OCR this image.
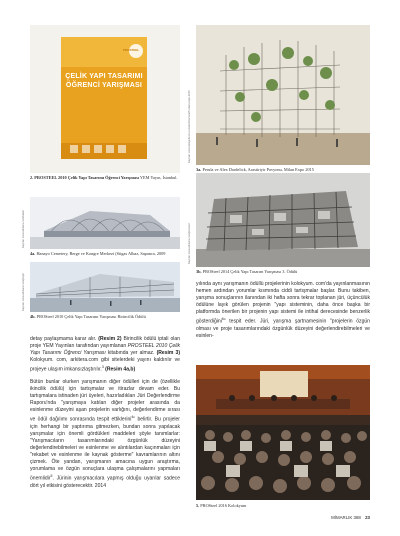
ÇELİK YAPI TASARIMI
ÖĞRENCİ YARIŞMASI
PROSTEEL
2. PROSTEEL 2010 Çelik Yapı Tasarımı Öğrenci Yarışması YEM Yayın, İstanbul.
Kaynak: www.designboom.com/architecture/5-milan-expo-2015
3a. Perula ve Alex Dardelick, Arastiriyir Pavyonu, Milan Expo 2015
Kaynak: www.arkitera.com/prosteel
3b. PROSteel 2014 Çelik Yapı Tasarım Yarışması 3. Ödülü
Kaynak: www.arkitera.com/haber
4a. Hanayo Cemetery, Berge ve Kongre Merkezi (Stigas Albaz, Sapanca, 2009
Kaynak: www.arkitera.com/proje/
4b. PROSteel 2010 Çelik Yapı Tasarımı Yarışması Birincilik Ödülü

detay paylaşmama karar alır. (Resim 2) Birincilik ödülü iptali olan proje YEM Yayınları tarafından yayımlanan PROSTEEL 2010 Çelik Yapı Tasarımı Öğrenci Yarışması kitabında yer almaz. (Resim 3) Kolokyum. com, arkitera.com gibi sitelerdeki yayını kaldırılır ve projeye ulaşım imkansızlaştırılır.$^3$ (Resim 4a,b)

Bütün bunlar olurken yarışmanın diğer ödülleri için de (özellikle ikincilik ödülü) için tartışmalar ve itirazlar devam eder. Bu tartışmalara istinaden jüri üyeleri, hazırladıkları Jüri Değerlendirme Raporu'nda "yarışmaya katılan diğer projeler arasında da esinlenme düzeyini aşan projelerin varlığını, değerlendirme sırası ve ödül dağılımı sonrasında tespit ettiklerini$^4$" belirtir. Bu projeler için herhangi bir yaptırıma gitmezken, bundan sonra yapılacak yarışmalar için önemli gördükleri maddeleri şöyle tanımlarlar: "Yarışmacıların tasarımlarındaki özgünlük düzeyini değerlendirebilmeleri ve esinlenme ve alıntılardan kaçınmaları için "rekabet ve esinlenme ile kaynak gösterme" kavramlarının altını çizmek. Öte yandan, yarışmanın amacına uygun araştırma, yorumlama ve özgün sonuçlara ulaşma çalışmalarını yapmaları önemlidir$^5$. Jürinin yarışmacılara yapmış olduğu uyarılar sadece dört yıl etkisini gösterecektir. 2014

yılında aynı yarışmanın ödüllü projelerinin kolokyum. com'da yayınlanmasının hemen ardından yorumlar kısmında ciddi tartışmalar başlar. Bunu takiben, yarışma sonuçlarının ilanından iki hafta sonra tekrar toplanan jüri, üçüncülük ödülüne layık görülen projenin "yapı sisteminin, daha önce başka bir platformda önerilen bir projenin yapı sistemi ile intihal derecesinde benzerlik gösterdiğini$^6$" tespit eder. Jüri, yarışma şartnamesinin "projelerin özgün olması ve proje tasarımlarındaki özgünlük düzeyini değerlendirebilmeleri ve esinlen-

5. PROSteel 2016 Kolokyum
MİMARLIK 388 23
